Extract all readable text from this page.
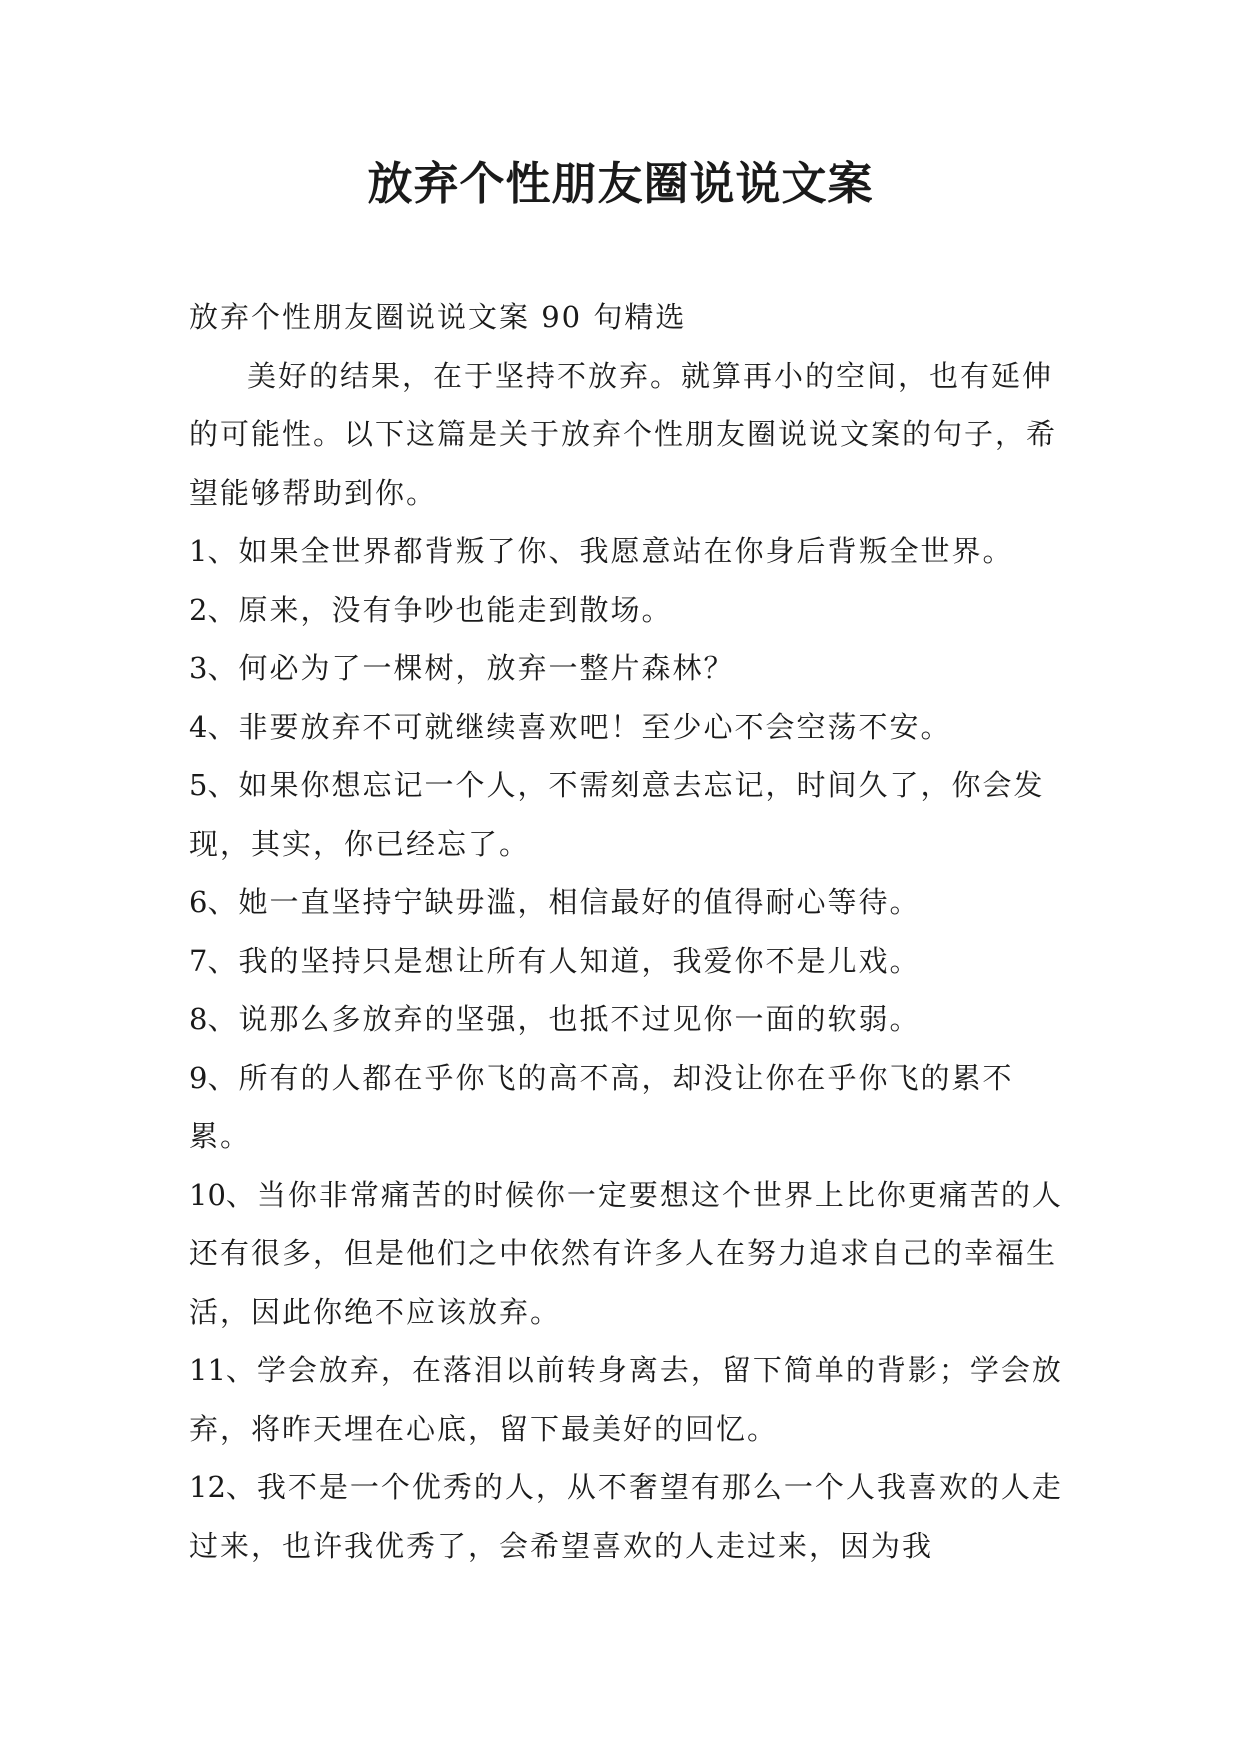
放弃个性朋友圈说说文案

放弃个性朋友圈说说文案 90 句精选

美好的结果，在于坚持不放弃。就算再小的空间，也有延伸的可能性。以下这篇是关于放弃个性朋友圈说说文案的句子，希望能够帮助到你。

1、如果全世界都背叛了你、我愿意站在你身后背叛全世界。

2、原来，没有争吵也能走到散场。

3、何必为了一棵树，放弃一整片森林？

4、非要放弃不可就继续喜欢吧！至少心不会空荡不安。

5、如果你想忘记一个人，不需刻意去忘记，时间久了，你会发现，其实，你已经忘了。

6、她一直坚持宁缺毋滥，相信最好的值得耐心等待。

7、我的坚持只是想让所有人知道，我爱你不是儿戏。

8、说那么多放弃的坚强，也抵不过见你一面的软弱。

9、所有的人都在乎你飞的高不高，却没让你在乎你飞的累不累。

10、当你非常痛苦的时候你一定要想这个世界上比你更痛苦的人还有很多，但是他们之中依然有许多人在努力追求自己的幸福生活，因此你绝不应该放弃。

11、学会放弃，在落泪以前转身离去，留下简单的背影；学会放弃，将昨天埋在心底，留下最美好的回忆。

12、我不是一个优秀的人，从不奢望有那么一个人我喜欢的人走过来，也许我优秀了，会希望喜欢的人走过来，因为我
